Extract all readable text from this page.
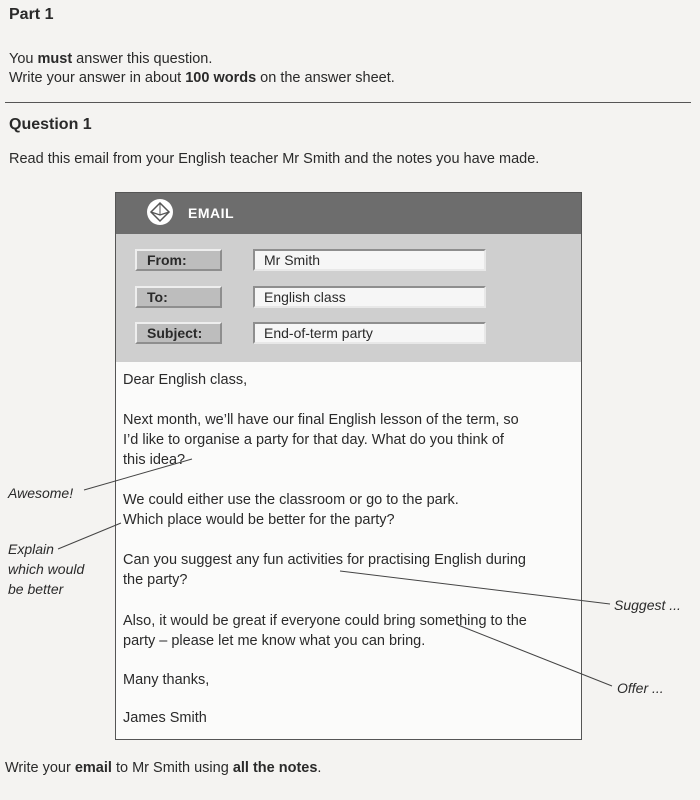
Part 1
You must answer this question.
Write your answer in about 100 words on the answer sheet.
Question 1
Read this email from your English teacher Mr Smith and the notes you have made.
EMAIL
From:	Mr Smith
To:	English class
Subject:	End-of-term party
Dear English class,
Next month, we’ll have our final English lesson of the term, so
I’d like to organise a party for that day. What do you think of
this idea?
We could either use the classroom or go to the park.
Which place would be better for the party?
Can you suggest any fun activities for practising English during
the party?
Also, it would be great if everyone could bring something to the
party – please let me know what you can bring.
Many thanks,
James Smith
Awesome!
Explain
which would
be better
Suggest ...
Offer ...
Write your email to Mr Smith using all the notes.
